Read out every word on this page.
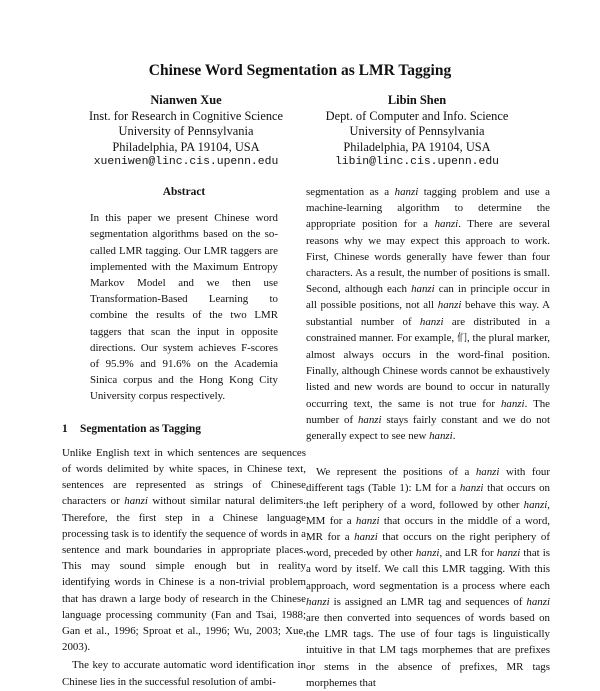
Chinese Word Segmentation as LMR Tagging
Nianwen Xue
Inst. for Research in Cognitive Science
University of Pennsylvania
Philadelphia, PA 19104, USA
xueniwen@linc.cis.upenn.edu
Libin Shen
Dept. of Computer and Info. Science
University of Pennsylvania
Philadelphia, PA 19104, USA
libin@linc.cis.upenn.edu
Abstract

In this paper we present Chinese word segmentation algorithms based on the so-called LMR tagging. Our LMR taggers are implemented with the Maximum Entropy Markov Model and we then use Transformation-Based Learning to combine the results of the two LMR taggers that scan the input in opposite directions. Our system achieves F-scores of 95.9% and 91.6% on the Academia Sinica corpus and the Hong Kong City University corpus respectively.

1 Segmentation as Tagging

Unlike English text in which sentences are sequences of words delimited by white spaces, in Chinese text, sentences are represented as strings of Chinese characters or hanzi without similar natural delimiters. Therefore, the first step in a Chinese language processing task is to identify the sequence of words in a sentence and mark boundaries in appropriate places. This may sound simple enough but in reality identifying words in Chinese is a non-trivial problem that has drawn a large body of research in the Chinese language processing community (Fan and Tsai, 1988; Gan et al., 1996; Sproat et al., 1996; Wu, 2003; Xue, 2003).

The key to accurate automatic word identification in Chinese lies in the successful resolution of ambi-

segmentation as a hanzi tagging problem and use a machine-learning algorithm to determine the appropriate position for a hanzi. There are several reasons why we may expect this approach to work. First, Chinese words generally have fewer than four characters. As a result, the number of positions is small. Second, although each hanzi can in principle occur in all possible positions, not all hanzi behave this way. A substantial number of hanzi are distributed in a constrained manner. For example, 们, the plural marker, almost always occurs in the word-final position. Finally, although Chinese words cannot be exhaustively listed and new words are bound to occur in naturally occurring text, the same is not true for hanzi. The number of hanzi stays fairly constant and we do not generally expect to see new hanzi.

We represent the positions of a hanzi with four different tags (Table 1): LM for a hanzi that occurs on the left periphery of a word, followed by other hanzi, MM for a hanzi that occurs in the middle of a word, MR for a hanzi that occurs on the right periphery of word, preceded by other hanzi, and LR for hanzi that is a word by itself. We call this LMR tagging. With this approach, word segmentation is a process where each hanzi is assigned an LMR tag and sequences of hanzi are then converted into sequences of words based on the LMR tags. The use of four tags is linguistically intuitive in that LM tags morphemes that are prefixes or stems in the absence of prefixes, MR tags morphemes that
